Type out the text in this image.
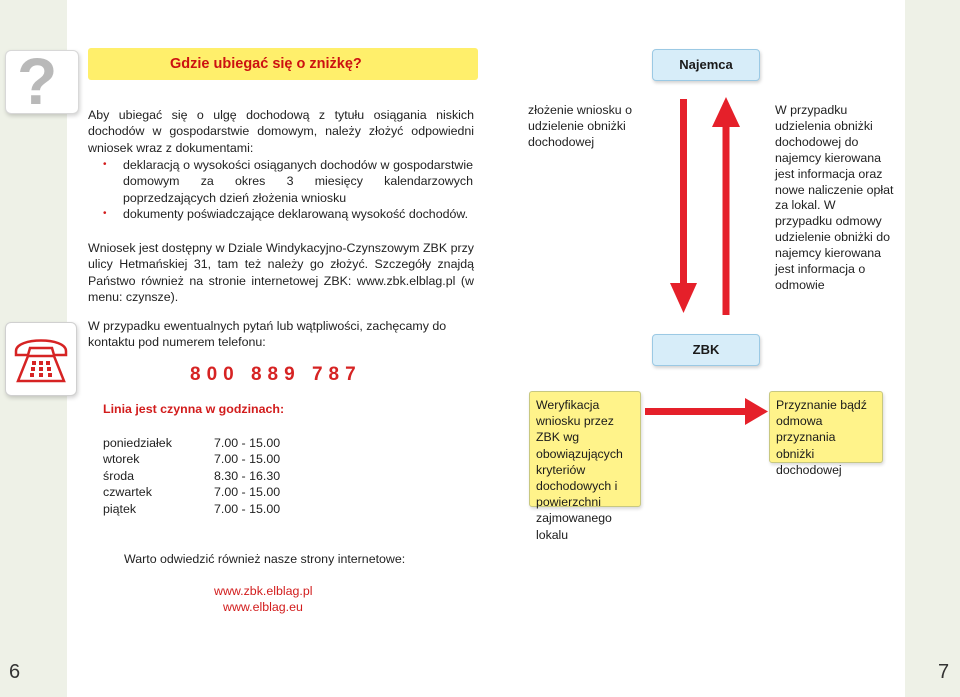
?	Gdzie ubiegać się o zniżkę?
Aby ubiegać się o ulgę dochodową z tytułu osiągania niskich dochodów w gospodarstwie domowym, należy złożyć odpowiedni wniosek wraz z dokumentami:
• deklaracją o wysokości osiąganych dochodów w gospodarstwie domowym za okres 3 miesięcy kalendarzowych poprzedzających dzień złożenia wniosku
• dokumenty poświadczające deklarowaną wysokość dochodów.
Wniosek jest dostępny w Dziale Windykacyjno-Czynszowym ZBK przy ulicy Hetmańskiej 31, tam też należy go złożyć. Szczegóły znajdą Państwo również na stronie internetowej ZBK: www.zbk.elblag.pl (w menu: czynsze).
W przypadku ewentualnych pytań lub wątpliwości, zachęcamy do kontaktu pod numerem telefonu:
800 889 787
Linia jest czynna w godzinach:
poniedziałek	7.00 - 15.00
wtorek	7.00 - 15.00
środa	8.30 - 16.30
czwartek	7.00 - 15.00
piątek	7.00 - 15.00
Najemca
złożenie wniosku o udzielenie obniżki dochodowej
W przypadku udzielenia obniżki dochodowej do najemcy kierowana jest informacja oraz nowe naliczenie opłat za lokal. W przypadku odmowy udzielenie obniżki do najemcy kierowana jest informacja o odmowie
ZBK
Weryfikacja wniosku przez ZBK wg obowiązujących kryteriów dochodowych i powierzchni zajmowanego lokalu
Przyznanie bądź odmowa przyznania obniżki dochodowej
Warto odwiedzić również nasze strony internetowe:
www.zbk.elblag.pl
www.elblag.eu
6	7
